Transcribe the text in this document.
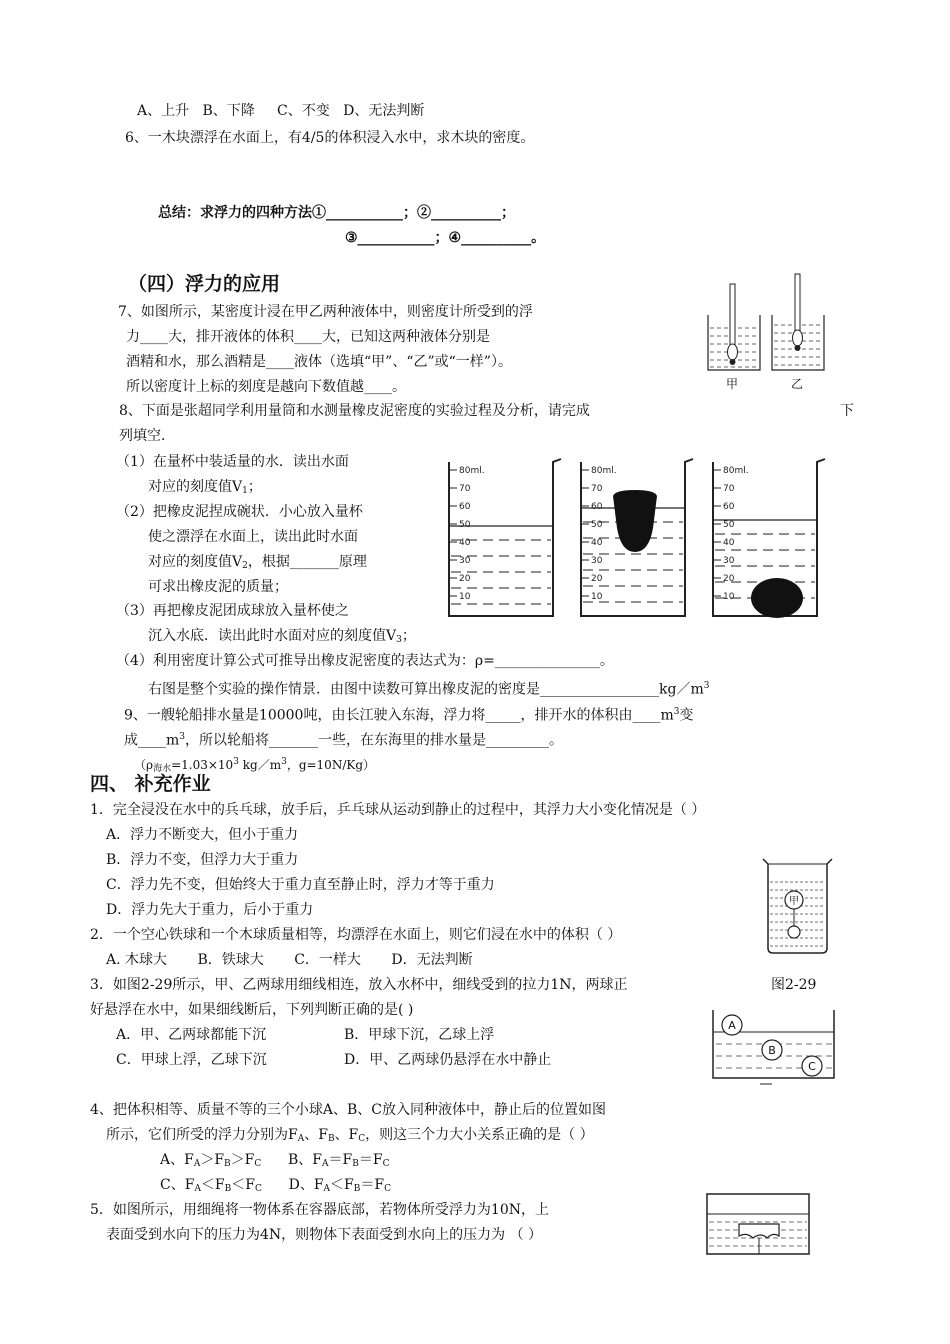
A、上升 B、下降 C、不变 D、无法判断
6、一木块漂浮在水面上，有4/5的体积浸入水中，求木块的密度。
总结：求浮力的四种方法①___________；②__________；
③___________；④__________。
（四）浮力的应用
7、如图所示，某密度计浸在甲乙两种液体中，则密度计所受到的浮
力____大，排开液体的体积____大，已知这两种液体分别是
酒精和水，那么酒精是____液体（选填“甲”、“乙”或“一样”）。
所以密度计上标的刻度是越向下数值越____。	甲	乙
8、下面是张超同学利用量筒和水测量橡皮泥密度的实验过程及分析，请完成	下
列填空．
（1）在量杯中装适量的水．读出水面
对应的刻度值$V_1$；
（2）把橡皮泥捏成碗状．小心放入量杯
使之漂浮在水面上，读出此时水面
对应的刻度值$V_2$，根据_______原理
可求出橡皮泥的质量；
（3）再把橡皮泥团成球放入量杯使之
沉入水底．读出此时水面对应的刻度值$V_3$；
（4）利用密度计算公式可推导出橡皮泥密度的表达式为：ρ=_______________。
右图是整个实验的操作情景．由图中读数可算出橡皮泥的密度是$\_\_\_\_\_\_\_\_\_\_\_\_\_\_\_\_\_kg/m^3$
80ml.
70
60
50
40
30
20
10
80ml.
70
60
50
40
30
20
10
80ml.
70
60
50
40
30
20
10
9、一艘轮船排水量是10000吨，由长江驶入东海，浮力将_____，排开水的体积由$\_\_\_\_m^3$变
成$\_\_\_\_m^3$，所以轮船将_______一些，在东海里的排水量是_________。
（$\rho_{海水}=1.03\times 10^3$ $kg/m^3$，g=10N/Kg）
四、 补充作业
1．完全浸没在水中的兵乓球，放手后，乒乓球从运动到静止的过程中，其浮力大小变化情况是（ ）
A．浮力不断变大，但小于重力
B．浮力不变，但浮力大于重力
C．浮力先不变，但始终大于重力直至静止时，浮力才等于重力
D．浮力先大于重力，后小于重力
2．一个空心铁球和一个木球质量相等，均漂浮在水面上，则它们浸在水中的体积（ ）
A. 木球大 B．铁球大 C．一样大 D．无法判断
甲
图2-29
3．如图2-29所示，甲、乙两球用细线相连，放入水杯中，细线受到的拉力1N，两球正
好悬浮在水中，如果细线断后，下列判断正确的是( )
A．甲、乙两球都能下沉	B．甲球下沉，乙球上浮
C．甲球上浮，乙球下沉	D．甲、乙两球仍悬浮在水中静止
A
B
C
4、把体积相等、质量不等的三个小球A、B、C放入同种液体中，静止后的位置如图
所示，它们所受的浮力分别为$F_A$、$F_B$、$F_C$，则这三个力大小关系正确的是（ ）
A、$F_A>F_B>F_C$ B、$F_A=F_B=F_C$
C、$F_A<F_B<F_C$ D、$F_A<F_B=F_C$
5．如图所示，用细绳将一物体系在容器底部，若物体所受浮力为10N，上
表面受到水向下的压力为4N，则物体下表面受到水向上的压力为 （ ）
